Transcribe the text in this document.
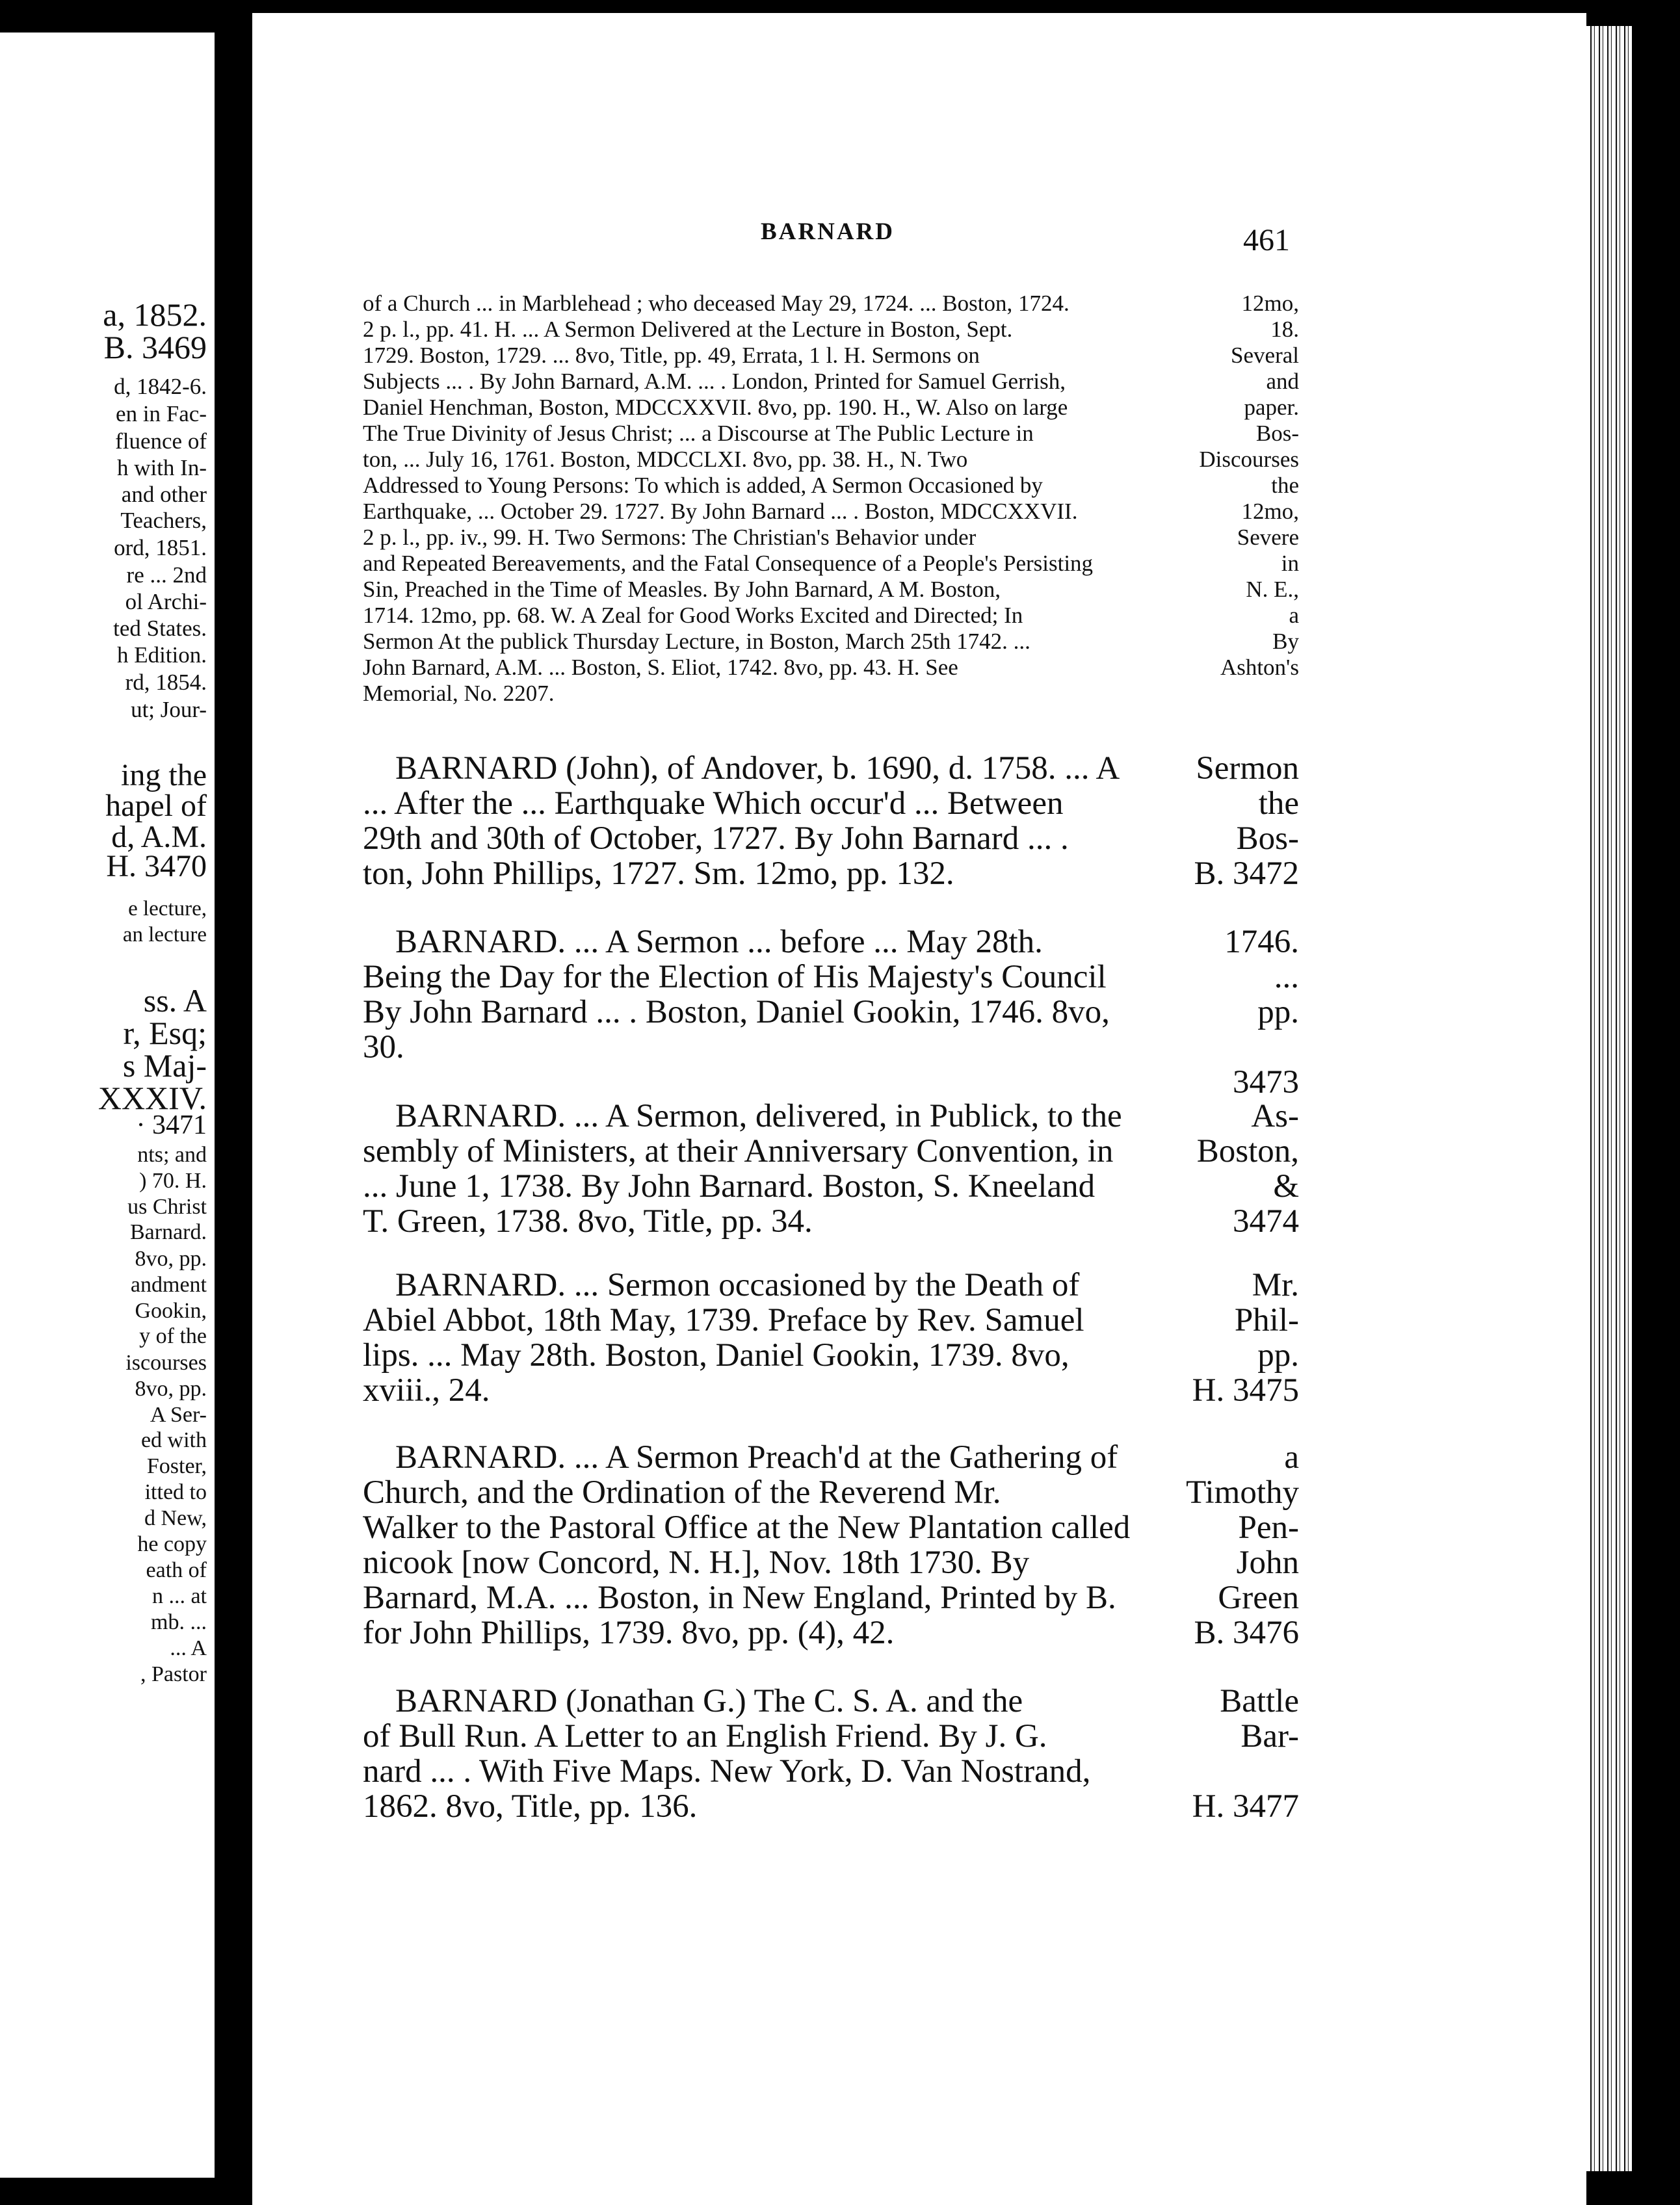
a, 1852.
B. 3469
d, 1842-6.
en in Fac-
fluence of
h with In-
and other
Teachers,
ord, 1851.
re ... 2nd
ol Archi-
ted States.
h Edition.
rd, 1854.
ut; Jour-
ing the
hapel of
d, A.M.
H. 3470
e lecture,
an lecture
ss. A
r, Esq;
s Maj-
XXXIV.
· 3471
nts; and
) 70. H.
us Christ
Barnard.
8vo, pp.
andment
Gookin,
y of the
iscourses
8vo, pp.
A Ser-
ed with
Foster,
itted to
d New,
he copy
eath of
n ... at
mb. ...
... A
, Pastor
BARNARD	461
of a Church ... in Marblehead ; who deceased May 29, 1724. ... Boston, 1724.	12mo,
2 p. l., pp. 41. H. ... A Sermon Delivered at the Lecture in Boston, Sept.	18.
1729. Boston, 1729. ... 8vo, Title, pp. 49, Errata, 1 l. H. Sermons on	Several
Subjects ... . By John Barnard, A.M. ... . London, Printed for Samuel Gerrish,	and
Daniel Henchman, Boston, MDCCXXVII. 8vo, pp. 190. H., W. Also on large	paper.
The True Divinity of Jesus Christ; ... a Discourse at The Public Lecture in	Bos-
ton, ... July 16, 1761. Boston, MDCCLXI. 8vo, pp. 38. H., N. Two	Discourses
Addressed to Young Persons: To which is added, A Sermon Occasioned by	the
Earthquake, ... October 29. 1727. By John Barnard ... . Boston, MDCCXXVII.	12mo,
2 p. l., pp. iv., 99. H. Two Sermons: The Christian's Behavior under	Severe
and Repeated Bereavements, and the Fatal Consequence of a People's Persisting	in
Sin, Preached in the Time of Measles. By John Barnard, A M. Boston,	N. E.,
1714. 12mo, pp. 68. W. A Zeal for Good Works Excited and Directed; In	a
Sermon At the publick Thursday Lecture, in Boston, March 25th 1742. ...	By
John Barnard, A.M. ... Boston, S. Eliot, 1742. 8vo, pp. 43. H. See	Ashton's
Memorial, No. 2207.
BARNARD (John), of Andover, b. 1690, d. 1758. ... A Sermon
... After the ... Earthquake Which occur'd ... Between	the
29th and 30th of October, 1727. By John Barnard ... .	Bos-
ton, John Phillips, 1727. Sm. 12mo, pp. 132.	B. 3472
BARNARD. ... A Sermon ... before ... May 28th.	1746.
Being the Day for the Election of His Majesty's Council	...
By John Barnard ... . Boston, Daniel Gookin, 1746. 8vo,	pp.
30.
3473
BARNARD. ... A Sermon, delivered, in Publick, to the	As-
sembly of Ministers, at their Anniversary Convention, in	Boston,
... June 1, 1738. By John Barnard. Boston, S. Kneeland	&
T. Green, 1738. 8vo, Title, pp. 34.	3474
BARNARD. ... Sermon occasioned by the Death of	Mr.
Abiel Abbot, 18th May, 1739. Preface by Rev. Samuel	Phil-
lips. ... May 28th. Boston, Daniel Gookin, 1739. 8vo,	pp.
xviii., 24.	H. 3475
BARNARD. ... A Sermon Preach'd at the Gathering of	a
Church, and the Ordination of the Reverend Mr.	Timothy
Walker to the Pastoral Office at the New Plantation called	Pen-
nicook [now Concord, N. H.], Nov. 18th 1730. By	John
Barnard, M.A. ... Boston, in New England, Printed by B.	Green
for John Phillips, 1739. 8vo, pp. (4), 42.	B. 3476
BARNARD (Jonathan G.) The C. S. A. and the	Battle
of Bull Run. A Letter to an English Friend. By J. G.	Bar-
nard ... . With Five Maps. New York, D. Van Nostrand,
1862. 8vo, Title, pp. 136.	H. 3477
